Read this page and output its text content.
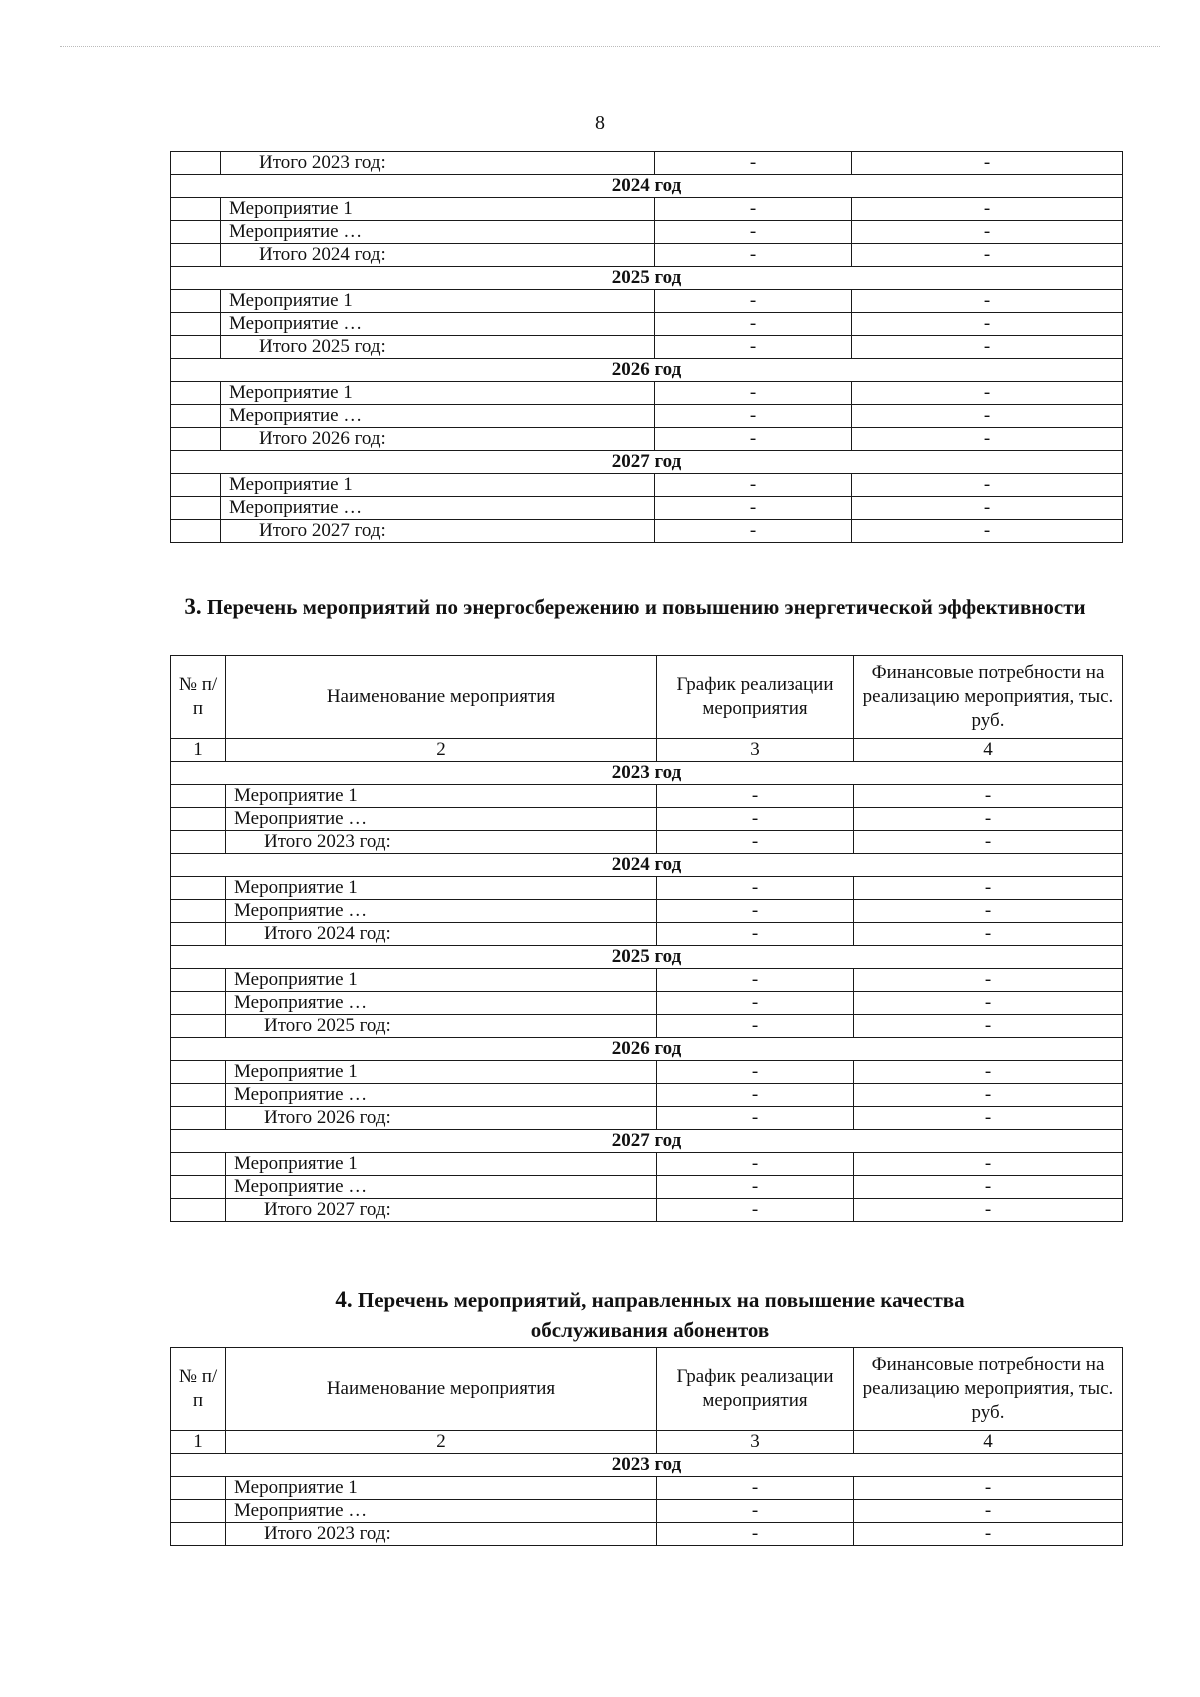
8
	Итого 2023 год:	-	-
2024 год			
	Мероприятие 1	-	-
	Мероприятие …	-	-
	Итого 2024 год:	-	-
2025 год			
	Мероприятие 1	-	-
	Мероприятие …	-	-
	Итого 2025 год:	-	-
2026 год			
	Мероприятие 1	-	-
	Мероприятие …	-	-
	Итого 2026 год:	-	-
2027 год			
	Мероприятие 1	-	-
	Мероприятие …	-	-
	Итого 2027 год:	-	-
3. Перечень мероприятий по энергосбережению и повышению энергетической эффективности
№ п/п	Наименование мероприятия	График реализации мероприятия	Финансовые потребности на реализацию мероприятия, тыс. руб.
1	2	3	4
2023 год			
	Мероприятие 1	-	-
	Мероприятие …	-	-
	Итого 2023 год:	-	-
2024 год			
	Мероприятие 1	-	-
	Мероприятие …	-	-
	Итого 2024 год:	-	-
2025 год			
	Мероприятие 1	-	-
	Мероприятие …	-	-
	Итого 2025 год:	-	-
2026 год			
	Мероприятие 1	-	-
	Мероприятие …	-	-
	Итого 2026 год:	-	-
2027 год			
	Мероприятие 1	-	-
	Мероприятие …	-	-
	Итого 2027 год:	-	-
4. Перечень мероприятий, направленных на повышение качества обслуживания абонентов
№ п/п	Наименование мероприятия	График реализации мероприятия	Финансовые потребности на реализацию мероприятия, тыс. руб.
1	2	3	4
2023 год			
	Мероприятие 1	-	-
	Мероприятие …	-	-
	Итого 2023 год:	-	-
